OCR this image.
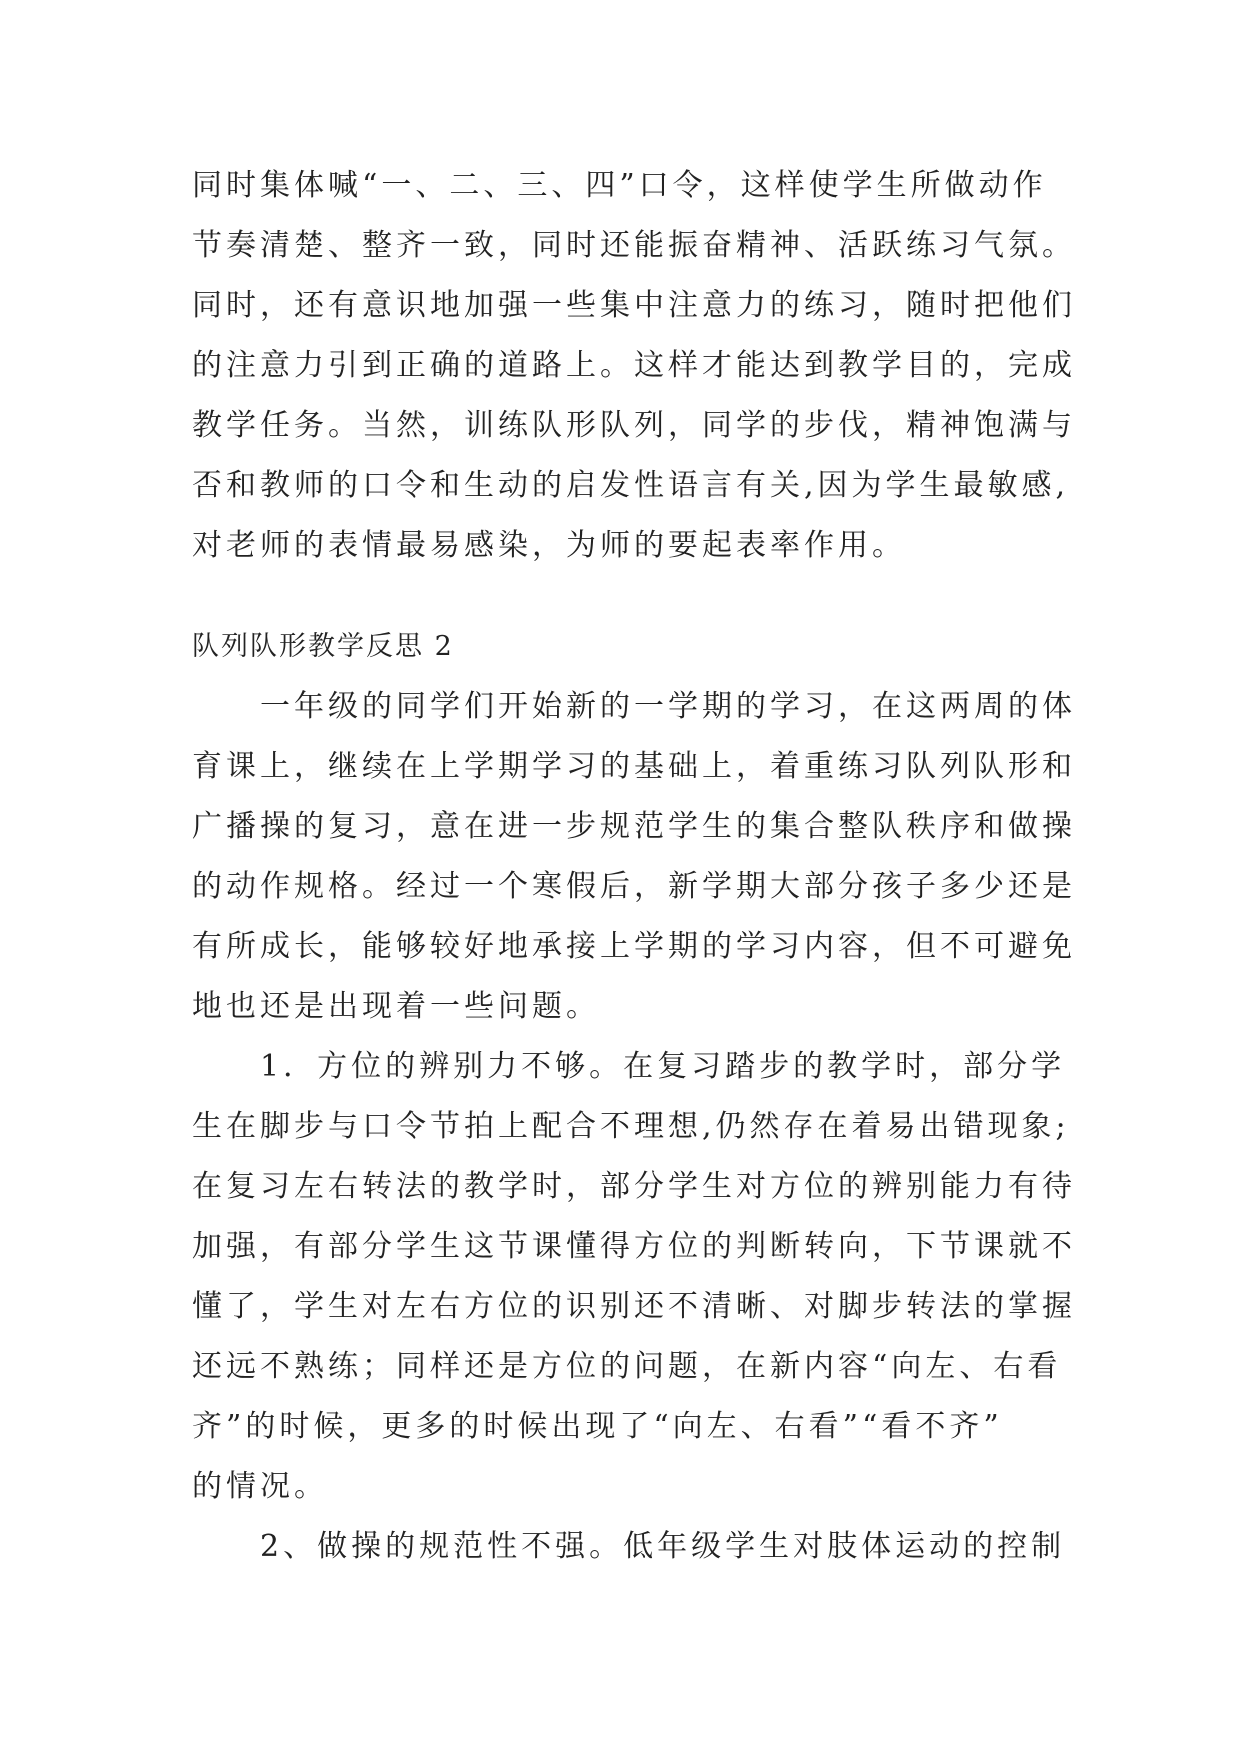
同时集体喊“一、二、三、四”口令，这样使学生所做动作
节奏清楚、整齐一致，同时还能振奋精神、活跃练习气氛。
同时，还有意识地加强一些集中注意力的练习，随时把他们
的注意力引到正确的道路上。这样才能达到教学目的，完成
教学任务。当然，训练队形队列，同学的步伐，精神饱满与
否和教师的口令和生动的启发性语言有关,因为学生最敏感,
对老师的表情最易感染，为师的要起表率作用。
队列队形教学反思 2
　　一年级的同学们开始新的一学期的学习，在这两周的体
育课上，继续在上学期学习的基础上，着重练习队列队形和
广播操的复习，意在进一步规范学生的集合整队秩序和做操
的动作规格。经过一个寒假后，新学期大部分孩子多少还是
有所成长，能够较好地承接上学期的学习内容，但不可避免
地也还是出现着一些问题。
　　1．方位的辨别力不够。在复习踏步的教学时，部分学
生在脚步与口令节拍上配合不理想,仍然存在着易出错现象;
在复习左右转法的教学时，部分学生对方位的辨别能力有待
加强，有部分学生这节课懂得方位的判断转向，下节课就不
懂了，学生对左右方位的识别还不清晰、对脚步转法的掌握
还远不熟练；同样还是方位的问题，在新内容“向左、右看
齐”的时候，更多的时候出现了“向左、右看”“看不齐”
的情况。
　　2、做操的规范性不强。低年级学生对肢体运动的控制
